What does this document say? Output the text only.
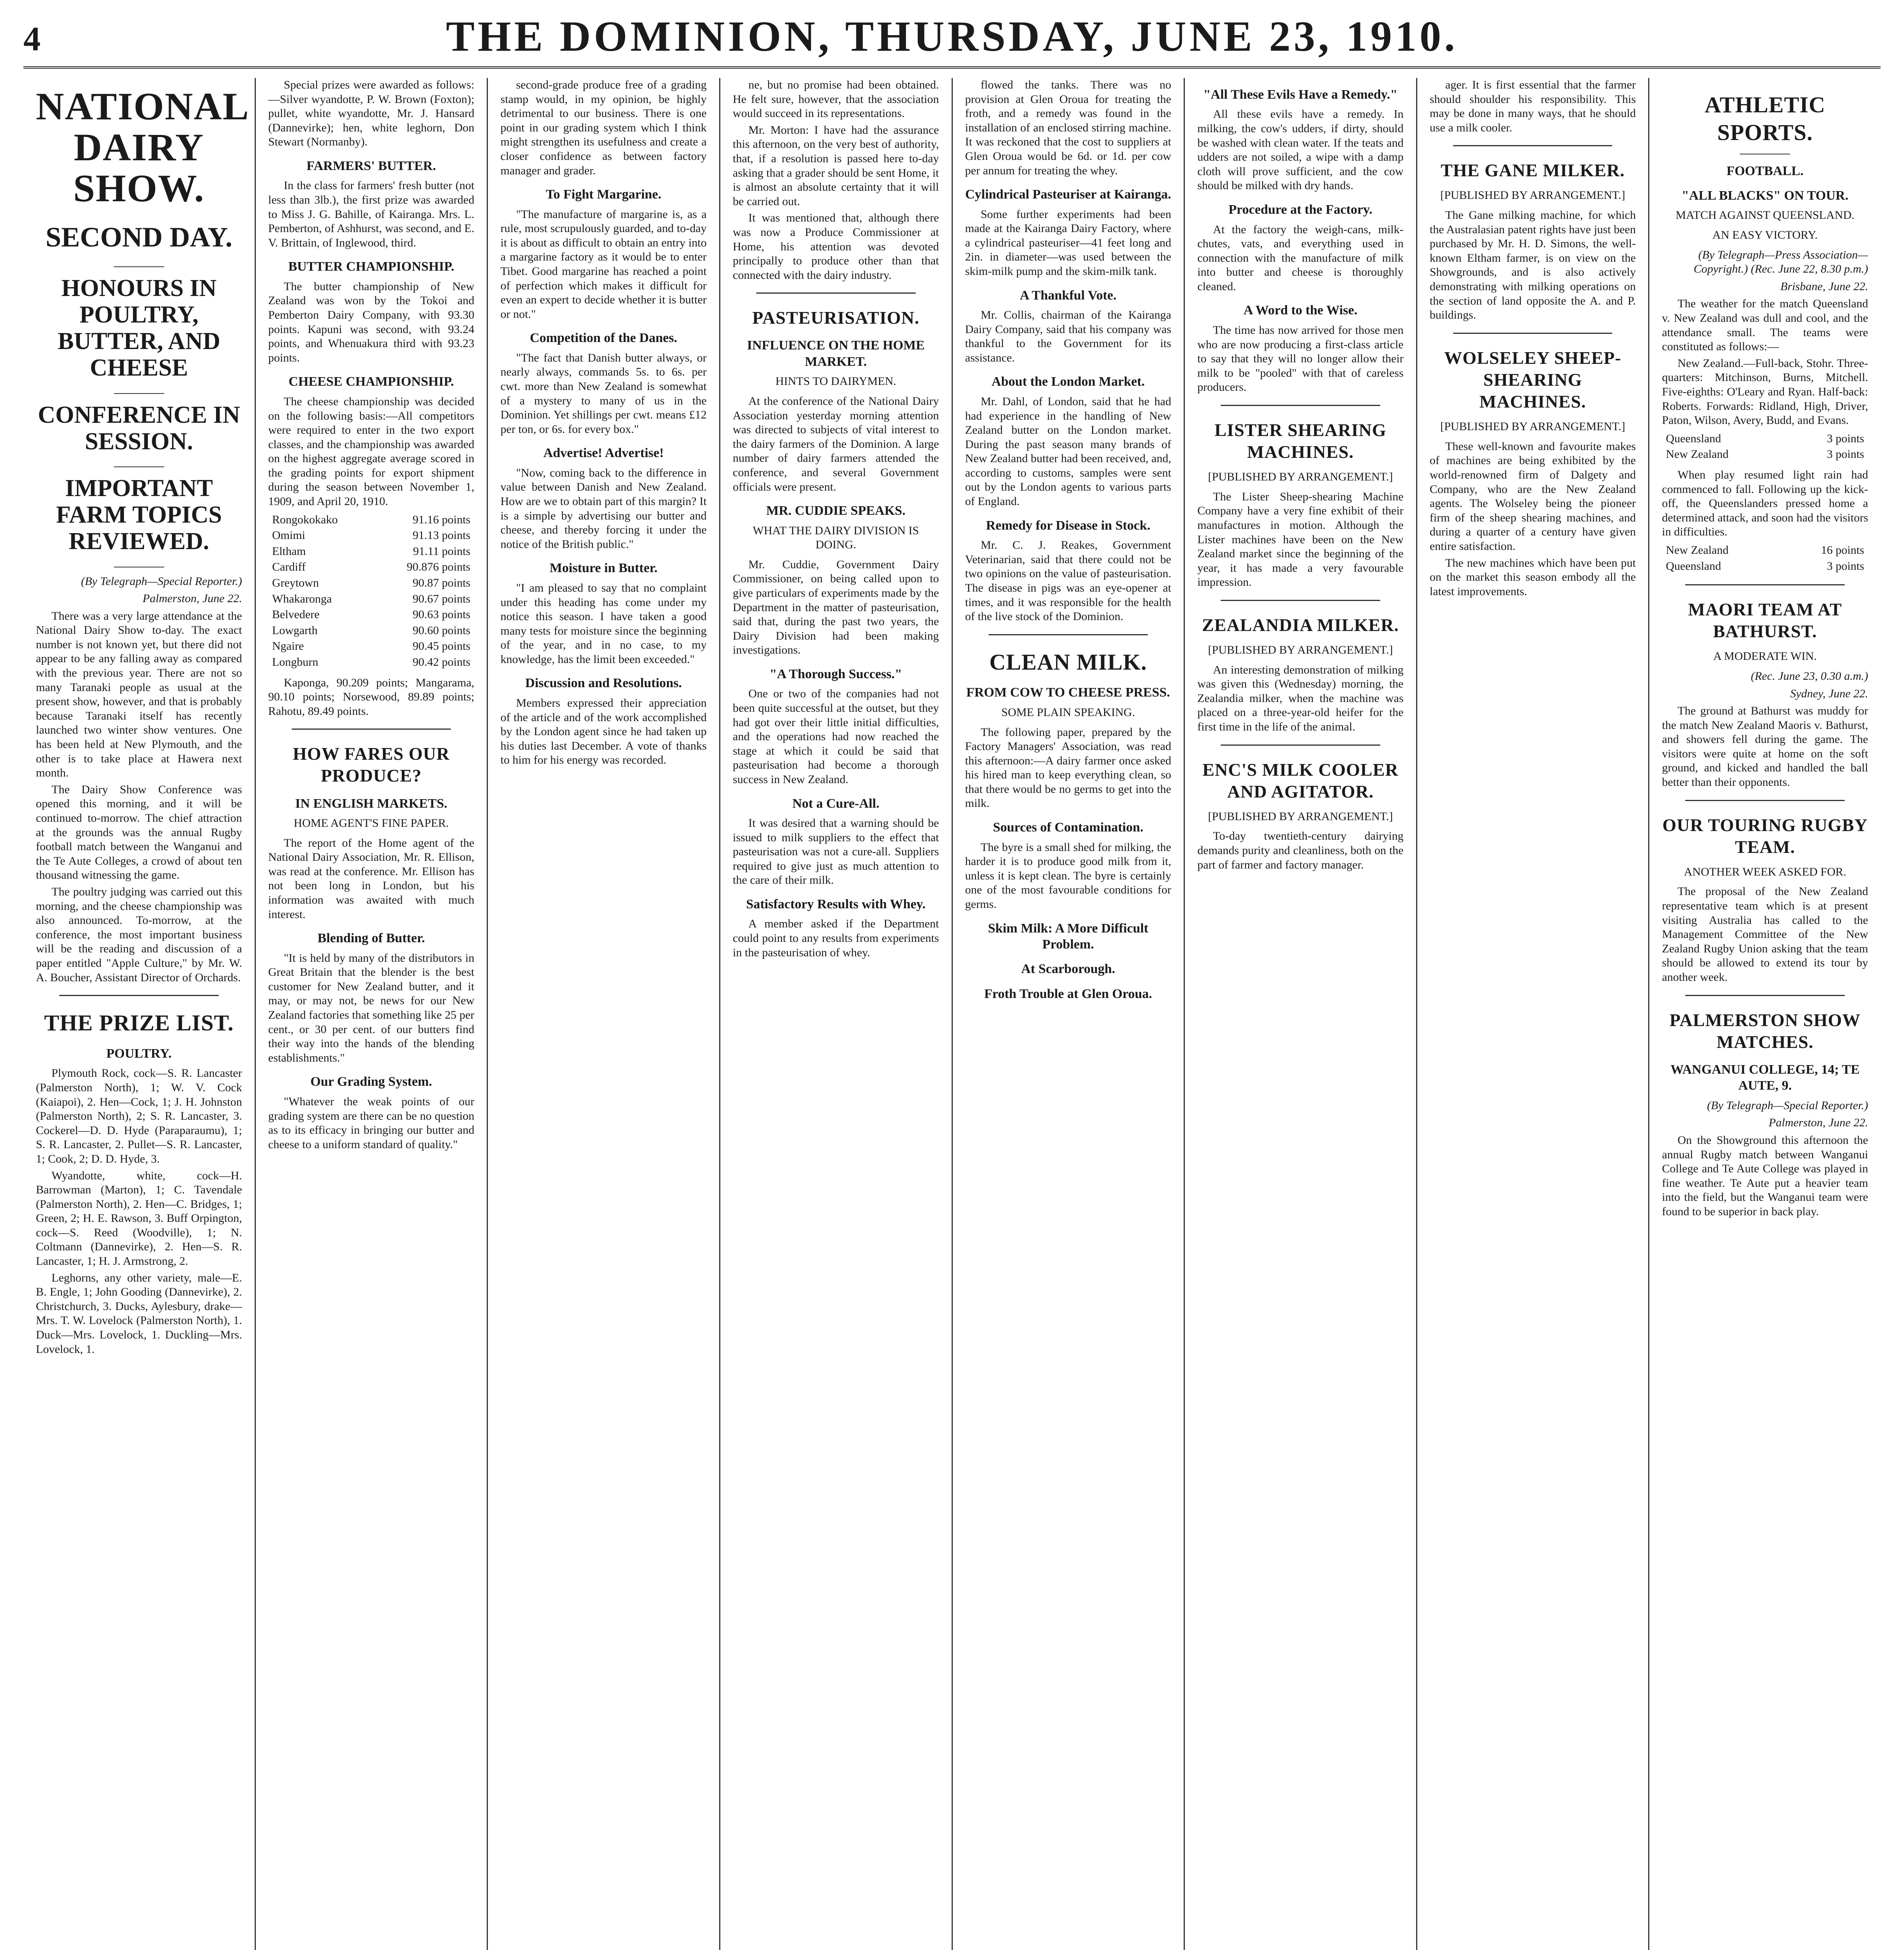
4	THE DOMINION, THURSDAY, JUNE 23, 1910.
NATIONAL DAIRY SHOW.
SECOND DAY.
HONOURS IN POULTRY, BUTTER, AND CHEESE
CONFERENCE IN SESSION.
IMPORTANT FARM TOPICS REVIEWED.
(By Telegraph—Special Reporter.)
Palmerston, June 22.

There was a very large attendance at the National Dairy Show to-day. The exact number is not known yet, but there did not appear to be any falling away as compared with the previous year. There are not so many Taranaki people as usual at the present show, however, and that is probably because Taranaki itself has recently launched two winter show ventures. One has been held at New Plymouth, and the other is to take place at Hawera next month.

The Dairy Show Conference was opened this morning, and it will be continued to-morrow. The chief attraction at the grounds was the annual Rugby football match between the Wanganui and the Te Aute Colleges, a crowd of about ten thousand witnessing the game.

The poultry judging was carried out this morning, and the cheese championship was also announced. To-morrow, at the conference, the most important business will be the reading and discussion of a paper entitled "Apple Culture," by Mr. W. A. Boucher, Assistant Director of Orchards.

THE PRIZE LIST.
POULTRY.

Plymouth Rock, cock—S. R. Lancaster (Palmerston North), 1; W. V. Cock (Kaiapoi), 2. Hen—Cock, 1; J. H. Johnston (Palmerston North), 2; S. R. Lancaster, 3. Cockerel—D. D. Hyde (Paraparaumu), 1; S. R. Lancaster, 2. Pullet—S. R. Lancaster, 1; Cook, 2; D. D. Hyde, 3.

Wyandotte, white, cock—H. Barrowman (Marton), 1; C. Tavendale (Palmerston North), 2. Hen—C. Bridges, 1; Green, 2; H. E. Rawson, 3. Buff Orpington, cock—S. Reed (Woodville), 1; N. Coltmann (Dannevirke), 2. Hen—S. R. Lancaster, 1; H. J. Armstrong, 2.

Leghorns, any other variety, male—E. B. Engle, 1; John Gooding (Dannevirke), 2. Christchurch, 3. Ducks, Aylesbury, drake—Mrs. T. W. Lovelock (Palmerston North), 1. Duck—Mrs. Lovelock, 1. Duckling—Mrs. Lovelock, 1.

Special prizes were awarded as follows:—Silver wyandotte, P. W. Brown (Foxton); pullet, white wyandotte, Mr. J. Hansard (Dannevirke); hen, white leghorn, Don Stewart (Normanby).

FARMERS' BUTTER.

In the class for farmers' fresh butter (not less than 3lb.), the first prize was awarded to Miss J. G. Bahille, of Kairanga. Mrs. L. Pemberton, of Ashhurst, was second, and E. V. Brittain, of Inglewood, third.

BUTTER CHAMPIONSHIP.

The butter championship of New Zealand was won by the Tokoi and Pemberton Dairy Company, with 93.30 points. Kapuni was second, with 93.24 points, and Whenuakura third with 93.23 points.

CHEESE CHAMPIONSHIP.

The cheese championship was decided on the following basis:—All competitors were required to enter in the two export classes, and the championship was awarded on the highest aggregate average scored in the grading points for export shipment during the season between November 1, 1909, and April 20, 1910.

Rongokokako	91.16 points
Omimi	91.13 points
Eltham	91.11 points
Cardiff	90.876 points
Greytown	90.87 points
Whakaronga	90.67 points
Belvedere	90.63 points
Lowgarth	90.60 points
Ngaire	90.45 points
Longburn	90.42 points

Kaponga, 90.209 points; Mangarama, 90.10 points; Norsewood, 89.89 points; Rahotu, 89.49 points.

HOW FARES OUR PRODUCE?
IN ENGLISH MARKETS.
HOME AGENT'S FINE PAPER.

The report of the Home agent of the National Dairy Association, Mr. R. Ellison, was read at the conference. Mr. Ellison has not been long in London, but his information was awaited with much interest.

Blending of Butter.

"It is held by many of the distributors in Great Britain that the blender is the best customer for New Zealand butter, and it may, or may not, be news for our New Zealand factories that something like 25 per cent., or 30 per cent. of our butters find their way into the hands of the blending establishments."

Our Grading System.

"Whatever the weak points of our grading system are there can be no question as to its efficacy in bringing our butter and cheese to a uniform standard of quality."

second-grade produce free of a grading stamp would, in my opinion, be highly detrimental to our business. There is one point in our grading system which I think might strengthen its usefulness and create a closer confidence as between factory manager and grader.

To Fight Margarine.

"The manufacture of margarine is, as a rule, most scrupulously guarded, and to-day it is about as difficult to obtain an entry into a margarine factory as it would be to enter Tibet. Good margarine has reached a point of perfection which makes it difficult for even an expert to decide whether it is butter or not."

Competition of the Danes.

"The fact that Danish butter always, or nearly always, commands 5s. to 6s. per cwt. more than New Zealand is somewhat of a mystery to many of us in the Dominion. Yet shillings per cwt. means £12 per ton, or 6s. for every box."

Advertise! Advertise!

"Now, coming back to the difference in value between Danish and New Zealand. How are we to obtain part of this margin? It is a simple by advertising our butter and cheese, and thereby forcing it under the notice of the British public."

Moisture in Butter.

"I am pleased to say that no complaint under this heading has come under my notice this season. I have taken a good many tests for moisture since the beginning of the year, and in no case, to my knowledge, has the limit been exceeded."

Discussion and Resolutions.

Members expressed their appreciation of the article and of the work accomplished by the London agent since he had taken up his duties last December. A vote of thanks to him for his energy was recorded.

ne, but no promise had been obtained. He felt sure, however, that the association would succeed in its representations.

Mr. Morton: I have had the assurance this afternoon, on the very best of authority, that, if a resolution is passed here to-day asking that a grader should be sent Home, it is almost an absolute certainty that it will be carried out.

It was mentioned that, although there was now a Produce Commissioner at Home, his attention was devoted principally to produce other than that connected with the dairy industry.

PASTEURISATION.
INFLUENCE ON THE HOME MARKET.
HINTS TO DAIRYMEN.

At the conference of the National Dairy Association yesterday morning attention was directed to subjects of vital interest to the dairy farmers of the Dominion. A large number of dairy farmers attended the conference, and several Government officials were present.

MR. CUDDIE SPEAKS.
WHAT THE DAIRY DIVISION IS DOING.

Mr. Cuddie, Government Dairy Commissioner, on being called upon to give particulars of experiments made by the Department in the matter of pasteurisation, said that, during the past two years, the Dairy Division had been making investigations.

"A Thorough Success."

One or two of the companies had not been quite successful at the outset, but they had got over their little initial difficulties, and the operations had now reached the stage at which it could be said that pasteurisation had become a thorough success in New Zealand.

Not a Cure-All.

It was desired that a warning should be issued to milk suppliers to the effect that pasteurisation was not a cure-all. Suppliers required to give just as much attention to the care of their milk.

Satisfactory Results with Whey.

A member asked if the Department could point to any results from experiments in the pasteurisation of whey.

flowed the tanks. There was no provision at Glen Oroua for treating the froth, and a remedy was found in the installation of an enclosed stirring machine. It was reckoned that the cost to suppliers at Glen Oroua would be 6d. or 1d. per cow per annum for treating the whey.

Cylindrical Pasteuriser at Kairanga.

Some further experiments had been made at the Kairanga Dairy Factory, where a cylindrical pasteuriser—41 feet long and 2in. in diameter—was used between the skim-milk pump and the skim-milk tank.

A Thankful Vote.

Mr. Collis, chairman of the Kairanga Dairy Company, said that his company was thankful to the Government for its assistance.

About the London Market.

Mr. Dahl, of London, said that he had had experience in the handling of New Zealand butter on the London market. During the past season many brands of New Zealand butter had been received, and, according to customs, samples were sent out by the London agents to various parts of England.

Remedy for Disease in Stock.

Mr. C. J. Reakes, Government Veterinarian, said that there could not be two opinions on the value of pasteurisation. The disease in pigs was an eye-opener at times, and it was responsible for the health of the live stock of the Dominion.

CLEAN MILK.
FROM COW TO CHEESE PRESS.
SOME PLAIN SPEAKING.

The following paper, prepared by the Factory Managers' Association, was read this afternoon:—A dairy farmer once asked his hired man to keep everything clean, so that there would be no germs to get into the milk.

Sources of Contamination.

The byre is a small shed for milking, the harder it is to produce good milk from it, unless it is kept clean. The byre is certainly one of the most favourable conditions for germs.

Skim Milk: A More Difficult Problem.
At Scarborough.
Froth Trouble at Glen Oroua.
"All These Evils Have a Remedy."

All these evils have a remedy. In milking, the cow's udders, if dirty, should be washed with clean water. If the teats and udders are not soiled, a wipe with a damp cloth will prove sufficient, and the cow should be milked with dry hands.

Procedure at the Factory.

At the factory the weigh-cans, milk-chutes, vats, and everything used in connection with the manufacture of milk into butter and cheese is thoroughly cleaned.

A Word to the Wise.

The time has now arrived for those men who are now producing a first-class article to say that they will no longer allow their milk to be "pooled" with that of careless producers.

LISTER SHEARING MACHINES.
[PUBLISHED BY ARRANGEMENT.]

The Lister Sheep-shearing Machine Company have a very fine exhibit of their manufactures in motion. Although the Lister machines have been on the New Zealand market since the beginning of the year, it has made a very favourable impression.

ZEALANDIA MILKER.
[PUBLISHED BY ARRANGEMENT.]

An interesting demonstration of milking was given this (Wednesday) morning, the Zealandia milker, when the machine was placed on a three-year-old heifer for the first time in the life of the animal.

ENC'S MILK COOLER AND AGITATOR.
[PUBLISHED BY ARRANGEMENT.]

To-day twentieth-century dairying demands purity and cleanliness, both on the part of farmer and factory manager.

ager. It is first essential that the farmer should shoulder his responsibility. This may be done in many ways, that he should use a milk cooler.

THE GANE MILKER.
[PUBLISHED BY ARRANGEMENT.]

The Gane milking machine, for which the Australasian patent rights have just been purchased by Mr. H. D. Simons, the well-known Eltham farmer, is on view on the Showgrounds, and is also actively demonstrating with milking operations on the section of land opposite the A. and P. buildings.

WOLSELEY SHEEP-SHEARING MACHINES.
[PUBLISHED BY ARRANGEMENT.]

These well-known and favourite makes of machines are being exhibited by the world-renowned firm of Dalgety and Company, who are the New Zealand agents. The Wolseley being the pioneer firm of the sheep shearing machines, and during a quarter of a century have given entire satisfaction.

The new machines which have been put on the market this season embody all the latest improvements.

ATHLETIC SPORTS.
FOOTBALL.
"ALL BLACKS" ON TOUR.
MATCH AGAINST QUEENSLAND.
AN EASY VICTORY.
(By Telegraph—Press Association—Copyright.) (Rec. June 22, 8.30 p.m.)
Brisbane, June 22.

The weather for the match Queensland v. New Zealand was dull and cool, and the attendance small. The teams were constituted as follows:—

New Zealand.—Full-back, Stohr. Three-quarters: Mitchinson, Burns, Mitchell. Five-eighths: O'Leary and Ryan. Half-back: Roberts. Forwards: Ridland, High, Driver, Paton, Wilson, Avery, Budd, and Evans.

Queensland	3 points
New Zealand	3 points

When play resumed light rain had commenced to fall. Following up the kick-off, the Queenslanders pressed home a determined attack, and soon had the visitors in difficulties.

New Zealand	16 points
Queensland	3 points
MAORI TEAM AT BATHURST.
A MODERATE WIN.
(Rec. June 23, 0.30 a.m.)
Sydney, June 22.

The ground at Bathurst was muddy for the match New Zealand Maoris v. Bathurst, and showers fell during the game. The visitors were quite at home on the soft ground, and kicked and handled the ball better than their opponents.

OUR TOURING RUGBY TEAM.
ANOTHER WEEK ASKED FOR.

The proposal of the New Zealand representative team which is at present visiting Australia has called to the Management Committee of the New Zealand Rugby Union asking that the team should be allowed to extend its tour by another week.

PALMERSTON SHOW MATCHES.
WANGANUI COLLEGE, 14; TE AUTE, 9.
(By Telegraph—Special Reporter.)
Palmerston, June 22.

On the Showground this afternoon the annual Rugby match between Wanganui College and Te Aute College was played in fine weather. Te Aute put a heavier team into the field, but the Wanganui team were found to be superior in back play.
